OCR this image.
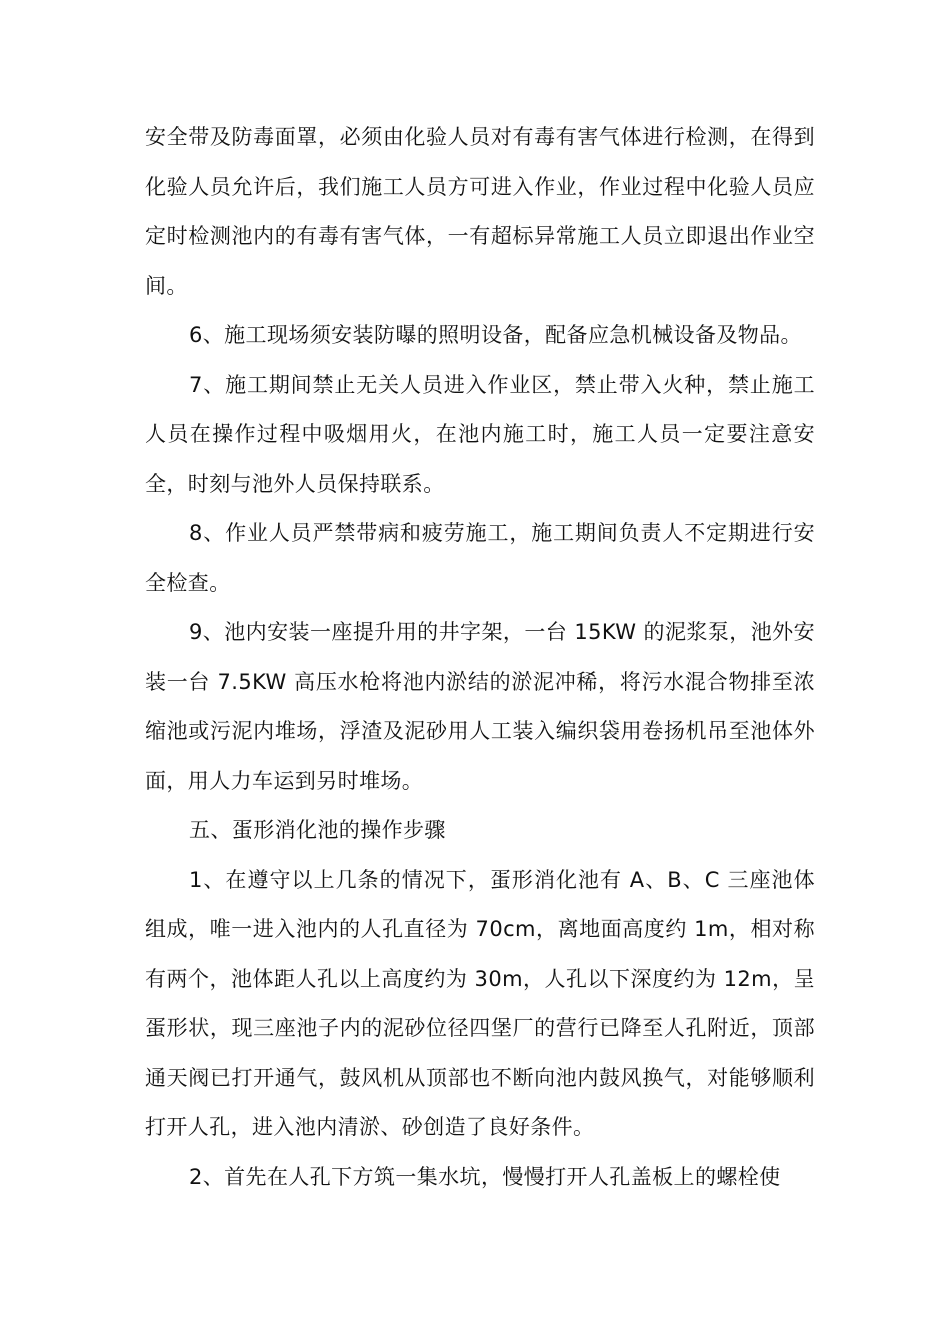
安全带及防毒面罩，必须由化验人员对有毒有害气体进行检测，在得到化验人员允许后，我们施工人员方可进入作业，作业过程中化验人员应定时检测池内的有毒有害气体，一有超标异常施工人员立即退出作业空间。

6、施工现场须安装防曝的照明设备，配备应急机械设备及物品。

7、施工期间禁止无关人员进入作业区，禁止带入火种，禁止施工人员在操作过程中吸烟用火，在池内施工时，施工人员一定要注意安全，时刻与池外人员保持联系。

8、作业人员严禁带病和疲劳施工，施工期间负责人不定期进行安全检查。

9、池内安装一座提升用的井字架，一台 15KW 的泥浆泵，池外安装一台 7.5KW 高压水枪将池内淤结的淤泥冲稀，将污水混合物排至浓缩池或污泥内堆场，浮渣及泥砂用人工装入编织袋用卷扬机吊至池体外面，用人力车运到另时堆场。

五、蛋形消化池的操作步骤

1、在遵守以上几条的情况下，蛋形消化池有 A、B、C 三座池体组成，唯一进入池内的人孔直径为 70cm，离地面高度约 1m，相对称有两个，池体距人孔以上高度约为 30m，人孔以下深度约为 12m，呈蛋形状，现三座池子内的泥砂位径四堡厂的营行已降至人孔附近，顶部通天阀已打开通气，鼓风机从顶部也不断向池内鼓风换气，对能够顺利打开人孔，进入池内清淤、砂创造了良好条件。

2、首先在人孔下方筑一集水坑，慢慢打开人孔盖板上的螺栓使
